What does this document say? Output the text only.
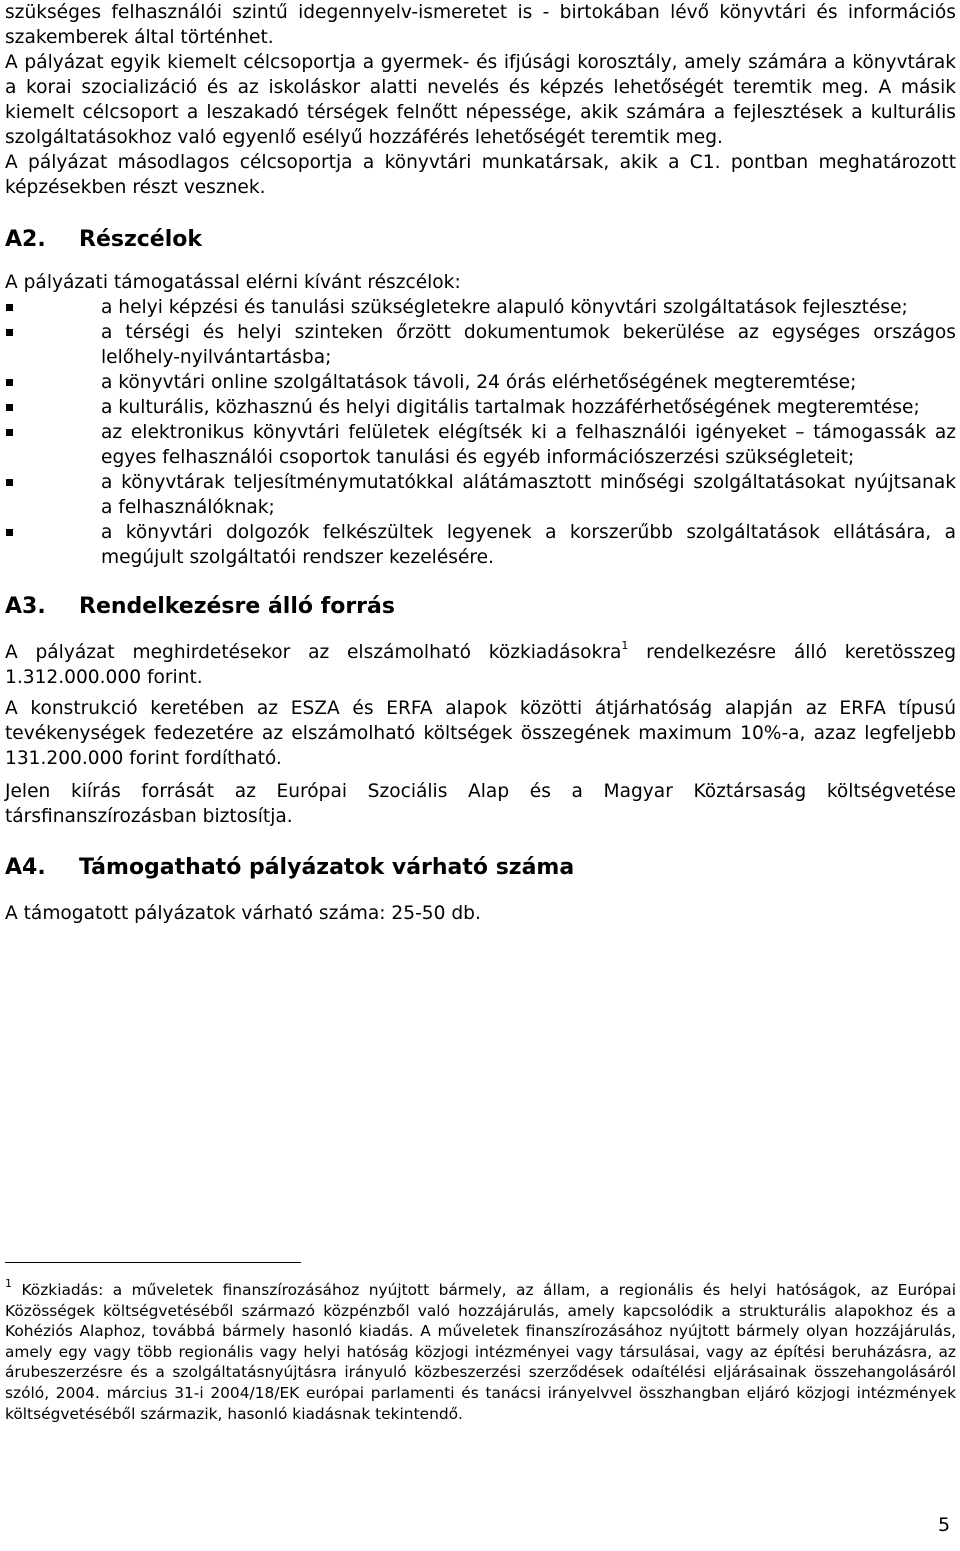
szükséges felhasználói szintű idegennyelv-ismeretet is - birtokában lévő könyvtári és információs szakemberek által történhet.

A pályázat egyik kiemelt célcsoportja a gyermek- és ifjúsági korosztály, amely számára a könyvtárak a korai szocializáció és az iskoláskor alatti nevelés és képzés lehetőségét teremtik meg. A másik kiemelt célcsoport a leszakadó térségek felnőtt népessége, akik számára a fejlesztések a kulturális szolgáltatásokhoz való egyenlő esélyű hozzáférés lehetőségét teremtik meg.

A pályázat másodlagos célcsoportja a könyvtári munkatársak, akik a C1. pontban meghatározott képzésekben részt vesznek.

A2.	Részcélok

A pályázati támogatással elérni kívánt részcélok:

a helyi képzési és tanulási szükségletekre alapuló könyvtári szolgáltatások fejlesztése;
a térségi és helyi szinteken őrzött dokumentumok bekerülése az egységes országos lelőhely-nyilvántartásba;
a könyvtári online szolgáltatások távoli, 24 órás elérhetőségének megteremtése;
a kulturális, közhasznú és helyi digitális tartalmak hozzáférhetőségének megteremtése;
az elektronikus könyvtári felületek elégítsék ki a felhasználói igényeket – támogassák az egyes felhasználói csoportok tanulási és egyéb információszerzési szükségleteit;
a könyvtárak teljesítménymutatókkal alátámasztott minőségi szolgáltatásokat nyújtsanak a felhasználóknak;
a könyvtári dolgozók felkészültek legyenek a korszerűbb szolgáltatások ellátására, a megújult szolgáltatói rendszer kezelésére.
A3.	Rendelkezésre álló forrás

A pályázat meghirdetésekor az elszámolható közkiadásokra$^1$ rendelkezésre álló keretösszeg 1.312.000.000 forint.

A konstrukció keretében az ESZA és ERFA alapok közötti átjárhatóság alapján az ERFA típusú tevékenységek fedezetére az elszámolható költségek összegének maximum 10%-a, azaz legfeljebb 131.200.000 forint fordítható.

Jelen kiírás forrását az Európai Szociális Alap és a Magyar Köztársaság költségvetése társfinanszírozásban biztosítja.

A4.	Támogatható pályázatok várható száma

A támogatott pályázatok várható száma: 25-50 db.

$^1$ Közkiadás: a műveletek finanszírozásához nyújtott bármely, az állam, a regionális és helyi hatóságok, az Európai Közösségek költségvetéséből származó közpénzből való hozzájárulás, amely kapcsolódik a strukturális alapokhoz és a Kohéziós Alaphoz, továbbá bármely hasonló kiadás. A műveletek finanszírozásához nyújtott bármely olyan hozzájárulás, amely egy vagy több regionális vagy helyi hatóság közjogi intézményei vagy társulásai, vagy az építési beruházásra, az árubeszerzésre és a szolgáltatásnyújtásra irányuló közbeszerzési szerződések odaítélési eljárásainak összehangolásáról szóló, 2004. március 31-i 2004/18/EK európai parlamenti és tanácsi irányelvvel összhangban eljáró közjogi intézmények költségvetéséből származik, hasonló kiadásnak tekintendő.
5
